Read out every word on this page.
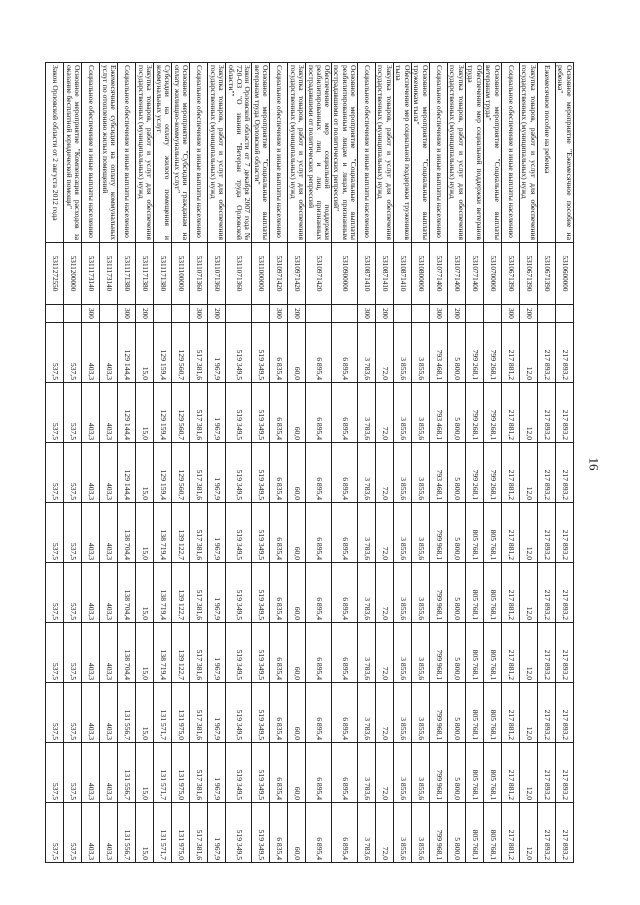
16
Основное мероприятие "Ежемесячное пособие на ребенка"	5310600000		217 893,2	217 893,2	217 893,2	217 893,2	217 893,2	217 893,2	217 893,2	217 893,2	217 893,2
Ежемесячное пособие на ребенка	5310671390		217 893,2	217 893,2	217 893,2	217 893,2	217 893,2	217 893,2	217 893,2	217 893,2	217 893,2
Закупка товаров, работ и услуг для обеспечения государственных (муниципальных) нужд	5310671390	200	12,0	12,0	12,0	12,0	12,0	12,0	12,0	12,0	12,0
Социальное обеспечение и иные выплаты населению	5310671390	300	217 881,2	217 881,2	217 881,2	217 881,2	217 881,2	217 881,2	217 881,2	217 881,2	217 881,2
Основное мероприятие "Социальные выплаты ветеранам труда"	5310700000		799 268,1	799 268,1	799 268,1	805 768,1	805 768,1	805 768,1	805 768,1	805 768,1	805 768,1
Обеспечение мер социальной поддержки ветеранов труда	5310771400		799 268,1	799 268,1	799 268,1	805 768,1	805 768,1	805 768,1	805 768,1	805 768,1	805 768,1
Закупка товаров, работ и услуг для обеспечения государственных (муниципальных) нужд	5310771400	200	5 800,0	5 800,0	5 800,0	5 800,0	5 800,0	5 800,0	5 800,0	5 800,0	5 800,0
Социальное обеспечение и иные выплаты населению	5310771400	300	793 468,1	793 468,1	793 468,1	799 968,1	799 968,1	799 968,1	799 968,1	799 968,1	799 968,1
Основное мероприятие "Социальные выплаты труженикам тыла"	5310800000		3 855,6	3 855,6	3 855,6	3 855,6	3 855,6	3 855,6	3 855,6	3 855,6	3 855,6
Обеспечение мер социальной поддержки тружеников тыла	5310871410		3 855,6	3 855,6	3 855,6	3 855,6	3 855,6	3 855,6	3 855,6	3 855,6	3 855,6
Закупка товаров, работ и услуг для обеспечения государственных (муниципальных) нужд	5310871410	200	72,0	72,0	72,0	72,0	72,0	72,0	72,0	72,0	72,0
Социальное обеспечение и иные выплаты населению	5310871410	300	3 783,6	3 783,6	3 783,6	3 783,6	3 783,6	3 783,6	3 783,6	3 783,6	3 783,6
Основное мероприятие "Социальные выплаты реабилитированным лицам и лицам, признанным пострадавшими от политических репрессий"	5310900000		6 895,4	6 895,4	6 895,4	6 895,4	6 895,4	6 895,4	6 895,4	6 895,4	6 895,4
Обеспечение мер социальной поддержки реабилитированных лиц и лиц, признанных пострадавшими от политических репрессий	5310971420		6 895,4	6 895,4	6 895,4	6 895,4	6 895,4	6 895,4	6 895,4	6 895,4	6 895,4
Закупка товаров, работ и услуг для обеспечения государственных (муниципальных) нужд	5310971420	200	60,0	60,0	60,0	60,0	60,0	60,0	60,0	60,0	60,0
Социальное обеспечение и иные выплаты населению	5310971420	300	6 835,4	6 835,4	6 835,4	6 835,4	6 835,4	6 835,4	6 835,4	6 835,4	6 835,4
Основное мероприятие "Социальные выплаты ветеранам труда Орловской области"	5311000000		519 349,5	519 349,5	519 349,5	519 349,5	519 349,5	519 349,5	519 349,5	519 349,5	519 349,5
Закон Орловской области от 7 декабря 2007 года № 720-ОЗ "О звании "Ветеран труда Орловской области""	5311071360		519 349,5	519 349,5	519 349,5	519 349,5	519 349,5	519 349,5	519 349,5	519 349,5	519 349,5
Закупка товаров, работ и услуг для обеспечения государственных (муниципальных) нужд	5311071360	200	1 967,9	1 967,9	1 967,9	1 967,9	1 967,9	1 967,9	1 967,9	1 967,9	1 967,9
Социальное обеспечение и иные выплаты населению	5311071360	300	517 381,6	517 381,6	517 381,6	517 381,6	517 381,6	517 381,6	517 381,6	517 381,6	517 381,6
Основное мероприятие "Субсидии гражданам на оплату жилищно-коммунальных услуг"	5311100000		129 560,7	129 560,7	129 560,7	139 122,7	139 122,7	139 122,7	131 975,0	131 975,0	131 975,0
Субсидии на оплату жилого помещения и коммунальных услуг	5311171380		129 159,4	129 159,4	129 159,4	138 719,4	138 719,4	138 719,4	131 571,7	131 571,7	131 571,7
Закупка товаров, работ и услуг для обеспечения государственных (муниципальных) нужд	5311171380	200	15,0	15,0	15,0	15,0	15,0	15,0	15,0	15,0	15,0
Социальное обеспечение и иные выплаты населению	5311171380	300	129 144,4	129 144,4	129 144,4	138 704,4	138 704,4	138 704,4	131 556,7	131 556,7	131 556,7
Ежемесячные субсидии на оплату коммунальных услуг по отоплению жилых помещений	5311173140		403,3	403,3	403,3	403,3	403,3	403,3	403,3	403,3	403,3
Социальное обеспечение и иные выплаты населению	5311173140	300	403,3	403,3	403,3	403,3	403,3	403,3	403,3	403,3	403,3
Основное мероприятие "Компенсация расходов за оказание бесплатной юридической помощи"	5311200000		537,5	537,5	537,5	537,5	537,5	537,5	537,5	537,5	537,5
Закон Орловской области от 2 августа 2012 года	5311272550		537,5	537,5	537,5	537,5	537,5	537,5	537,5	537,5	537,5
